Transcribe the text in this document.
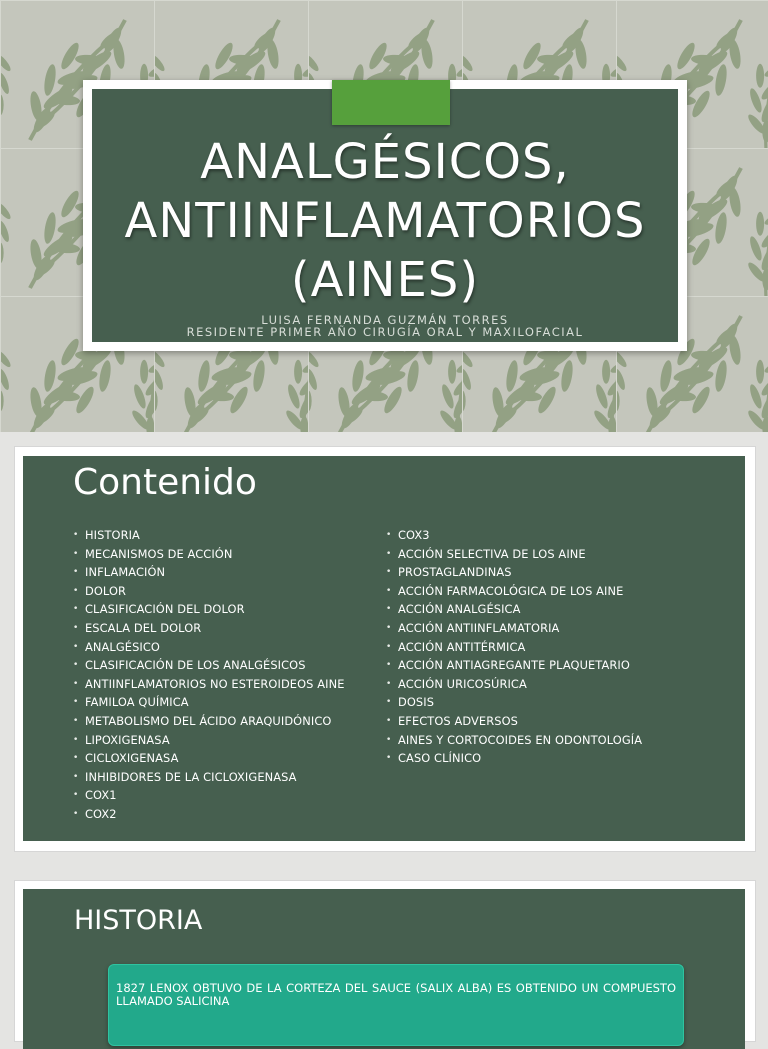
ANALGÉSICOS,
ANTIINFLAMATORIOS
(AINES)
LUISA FERNANDA GUZMÁN TORRES
RESIDENTE PRIMER AÑO CIRUGÍA ORAL Y MAXILOFACIAL
Contenido
• HISTORIA
• MECANISMOS DE ACCIÓN
• INFLAMACIÓN
• DOLOR
• CLASIFICACIÓN DEL DOLOR
• ESCALA DEL DOLOR
• ANALGÉSICO
• CLASIFICACIÓN DE LOS ANALGÉSICOS
• ANTIINFLAMATORIOS NO ESTEROIDEOS AINE
• FAMILOA QUÍMICA
• METABOLISMO DEL ÁCIDO ARAQUIDÓNICO
• LIPOXIGENASA
• CICLOXIGENASA
• INHIBIDORES DE LA CICLOXIGENASA
• COX1
• COX2
• COX3
• ACCIÓN SELECTIVA DE LOS AINE
• PROSTAGLANDINAS
• ACCIÓN FARMACOLÓGICA DE LOS AINE
• ACCIÓN ANALGÉSICA
• ACCIÓN ANTIINFLAMATORIA
• ACCIÓN ANTITÉRMICA
• ACCIÓN ANTIAGREGANTE PLAQUETARIO
• ACCIÓN URICOSÚRICA
• DOSIS
• EFECTOS ADVERSOS
• AINES Y CORTOCOIDES EN ODONTOLOGÍA
• CASO CLÍNICO
HISTORIA
1827 LENOX OBTUVO DE LA CORTEZA DEL SAUCE (SALIX ALBA) ES OBTENIDO UN COMPUESTO LLAMADO SALICINA
